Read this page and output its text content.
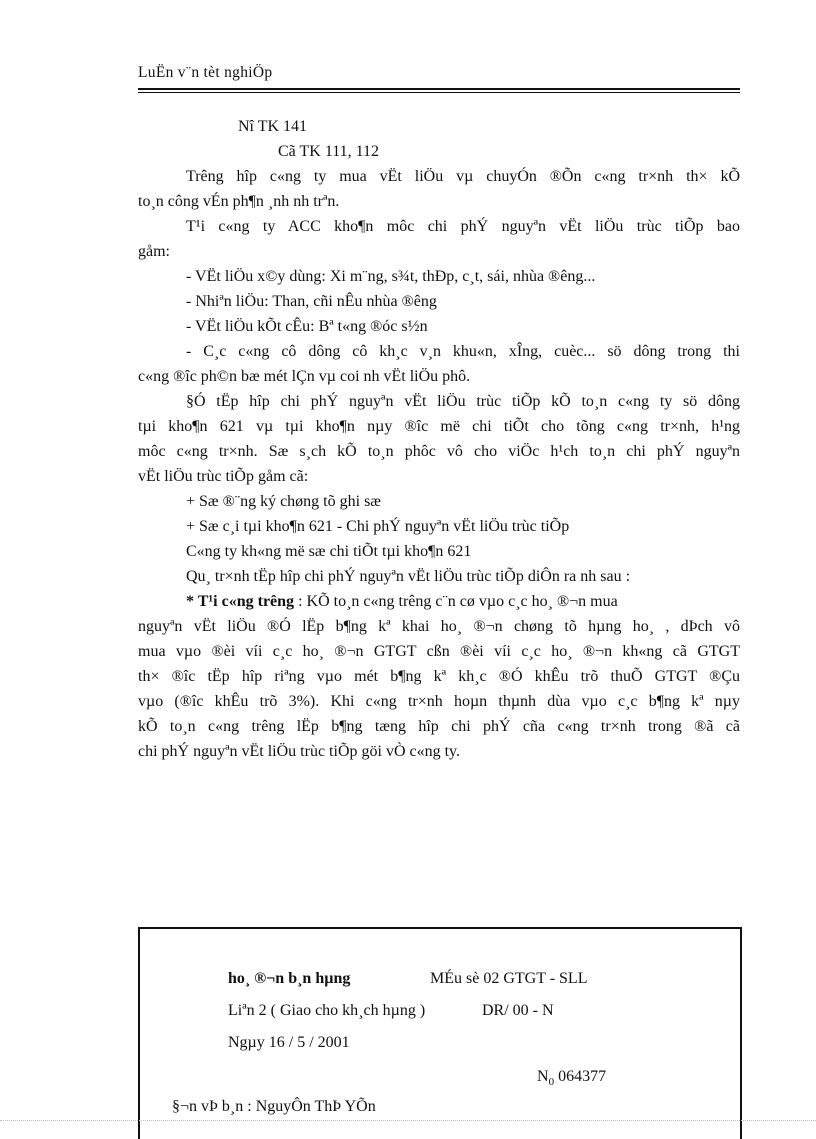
LuËn v¨n tèt nghiÖp
Nî TK 141
Cã TK 111, 112
Trêng hîp c«ng ty mua vËt liÖu vµ chuyÓn ®Õn c«ng tr×nh th× kÕ
to¸n công vÉn ph¶n ¸nh nh trªn.
T¹i c«ng ty ACC kho¶n môc chi phÝ nguyªn vËt liÖu trùc tiÕp bao
gåm:
- VËt liÖu x©y dùng: Xi m¨ng, s¾t, thÐp, c¸t, sái, nhùa ®êng...
- Nhiªn liÖu: Than, cñi nÊu nhùa ®êng
- VËt liÖu kÕt cÊu: Bª t«ng ®óc s½n
- C¸c c«ng cô dông cô kh¸c v¸n khu«n, xÎng, cuèc... sö dông trong thi
c«ng ®îc ph©n bæ mét lÇn vµ coi nh vËt liÖu phô.
§Ó tËp hîp chi phÝ nguyªn vËt liÖu trùc tiÕp kÕ to¸n c«ng ty sö dông
tµi kho¶n 621 vµ tµi kho¶n nµy ®îc më chi tiÕt cho tõng c«ng tr×nh, h¹ng
môc c«ng tr×nh. Sæ s¸ch kÕ to¸n phôc vô cho viÖc h¹ch to¸n chi phÝ nguyªn
vËt liÖu trùc tiÕp gåm cã:
+ Sæ ®¨ng ký chøng tõ ghi sæ
+ Sæ c¸i tµi kho¶n 621 - Chi phÝ nguyªn vËt liÖu trùc tiÕp
C«ng ty kh«ng më sæ chi tiÕt tµi kho¶n 621
Qu¸ tr×nh tËp hîp chi phÝ nguyªn vËt liÖu trùc tiÕp diÔn ra nh sau :
* T¹i c«ng trêng : KÕ to¸n c«ng trêng c¨n cø vµo c¸c ho¸ ®¬n mua
nguyªn vËt liÖu ®Ó lËp b¶ng kª khai ho¸ ®¬n chøng tõ hµng ho¸ , dÞch vô
mua vµo ®èi víi c¸c ho¸ ®¬n GTGT cßn ®èi víi c¸c ho¸ ®¬n kh«ng cã GTGT
th× ®îc tËp hîp riªng vµo mét b¶ng kª kh¸c ®Ó khÊu trõ thuÕ GTGT ®Çu
vµo (®îc khÊu trõ 3%). Khi c«ng tr×nh hoµn thµnh dùa vµo c¸c b¶ng kª nµy
kÕ to¸n c«ng trêng lËp b¶ng tæng hîp chi phÝ cña c«ng tr×nh trong ®ã cã
chi phÝ nguyªn vËt liÖu trùc tiÕp göi vÒ c«ng ty.
ho¸ ®¬n b¸n hµng	MÉu sè 02 GTGT - SLL
Liªn 2 ( Giao cho kh¸ch hµng )	DR/ 00 - N
Ngµy 16 / 5 / 2001
$N_0$ 064377
§¬n vÞ b¸n : NguyÔn ThÞ YÕn
